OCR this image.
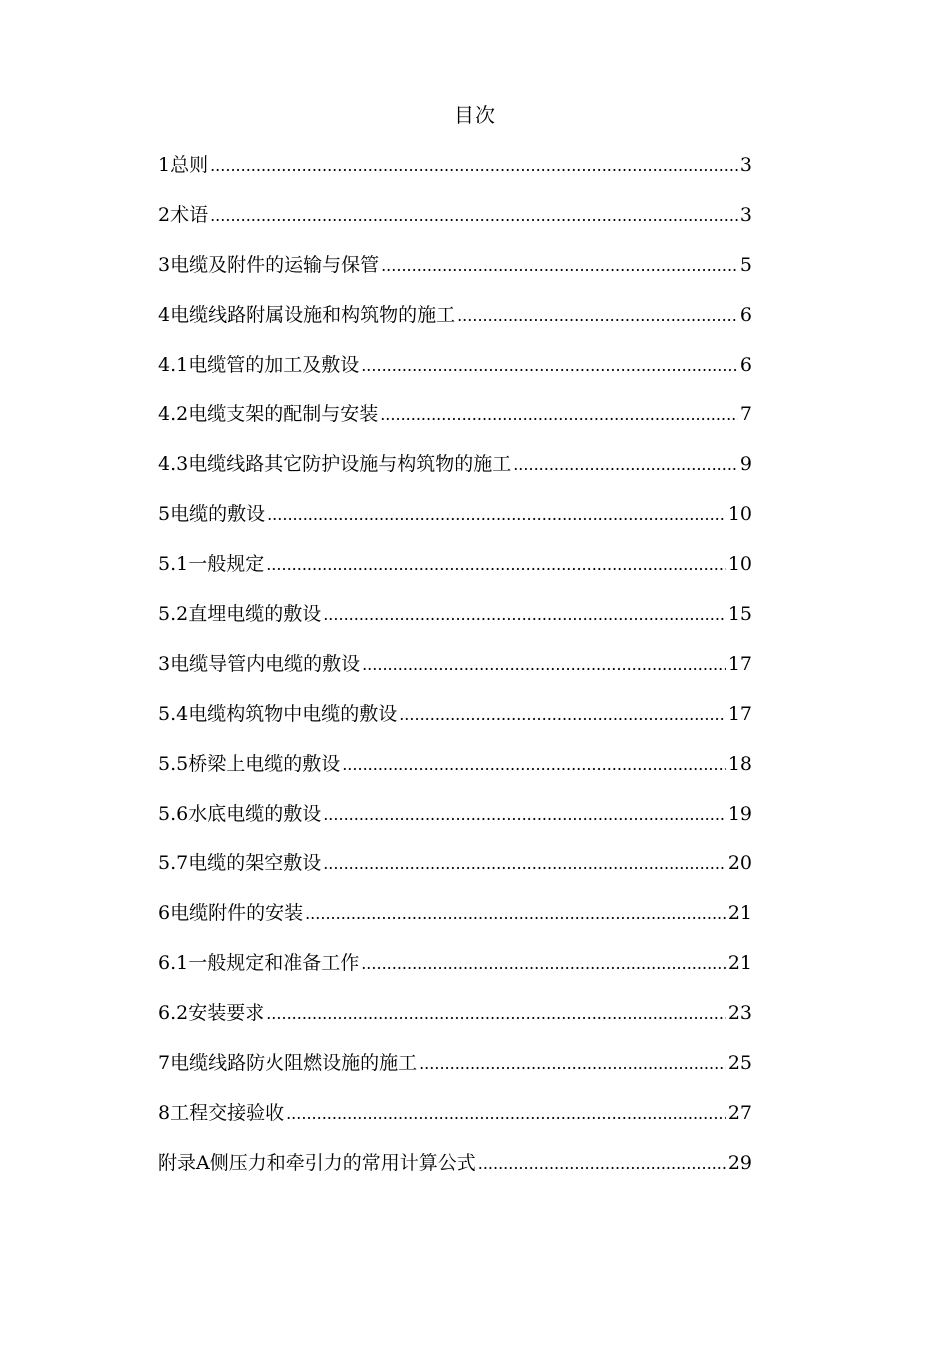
目次
1总则 .....	3
2术语 .....	3
3电缆及附件的运输与保管 .....	5
4电缆线路附属设施和构筑物的施工 .....	6
4.1电缆管的加工及敷设 .....	6
4.2电缆支架的配制与安装 .....	7
4.3电缆线路其它防护设施与构筑物的施工 .....	9
5电缆的敷设 .....	10
5.1一般规定 .....	10
5.2直埋电缆的敷设 .....	15
3电缆导管内电缆的敷设 .....	17
5.4电缆构筑物中电缆的敷设 .....	17
5.5桥梁上电缆的敷设 .....	18
5.6水底电缆的敷设 .....	19
5.7电缆的架空敷设 .....	20
6电缆附件的安装 .....	21
6.1一般规定和准备工作 .....	21
6.2安装要求 .....	23
7电缆线路防火阻燃设施的施工 .....	25
8工程交接验收 .....	27
附录A侧压力和牵引力的常用计算公式 .....	29
